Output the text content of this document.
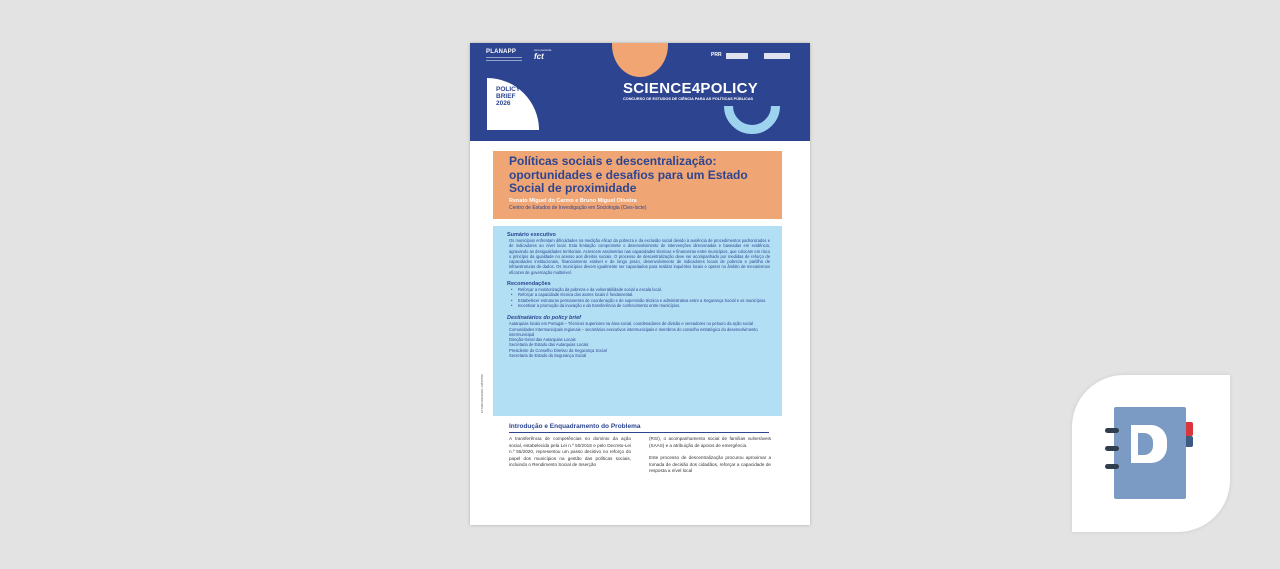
PLANAPP	com parceria
fct	PRR
POLICY
BRIEF
2026
SCIENCE4POLICY
CONCURSO DE ESTUDOS DE CIÊNCIA PARA AS POLÍTICAS PÚBLICAS
Políticas sociais e descentralização: oportunidades e desafios para um Estado Social de proximidade
Renato Miguel do Carmo e Bruno Miguel Oliveira
Centro de Estudos de Investigação em Sociologia (Cies-Iscte)
Sumário executivo
Os municípios enfrentam dificuldades na medição eficaz da pobreza e da exclusão social devido à ausência de procedimentos padronizados e de indicadores ao nível local. Esta limitação compromete o desenvolvimento de intervenções direcionadas e baseadas em evidência, agravando as desigualdades territoriais. Acrescem assimetrias nas capacidades técnicas e financeiras entre municípios, que colocam em risco o princípio da igualdade no acesso aos direitos sociais. O processo de descentralização deve ser acompanhado por medidas de reforço de capacidades institucionais, financiamento estável e de longo prazo, desenvolvimento de indicadores locais de pobreza e partilha de infraestruturas de dados. Os municípios devem igualmente ser capacitados para realizar inquéritos locais e operar no âmbito de mecanismos eficazes de governação multinível.
Recomendações
• Reforçar a monitorização da pobreza e da vulnerabilidade social a escala local.
• Reforçar a capacidade técnica dos atores locais é fundamental.
• Estabelecer estruturas permanentes de coordenação e de supervisão técnica e administrativa entre a Segurança Social e os municípios.
• Incentivar a promoção da inovação e da transferência de conhecimento entre municípios.
Destinatários do policy brief
Autarquias locais em Portugal – Técnicos superiores na área social, coordenadores de divisão e vereadores no pelouro da ação social
Comunidades Intermunicipais regionais – secretários executivos intermunicipais e membros do conselho estratégico do desenvolvimento intermunicipal
Direção-Geral das Autarquias Locais
Secretaria de Estado das Autarquias Locais
Presidente do Conselho Diretivo da Segurança Social
Secretaria de Estado da Segurança Social
10.5281/ZENODO.14836789
Introdução e Enquadramento do Problema

A transferência de competências no domínio da ação social, estabelecida pela Lei n.º 50/2018 e pelo Decreto-Lei n.º 55/2020, representou um passo decisivo no reforço do papel dos municípios na gestão das políticas sociais, incluindo o Rendimento Social de Inserção

(RSI), o acompanhamento social de famílias vulneráveis (SAAS) e a atribuição de apoios de emergência.

Este processo de descentralização procurou aproximar a tomada de decisão dos cidadãos, reforçar a capacidade de resposta a nível local
